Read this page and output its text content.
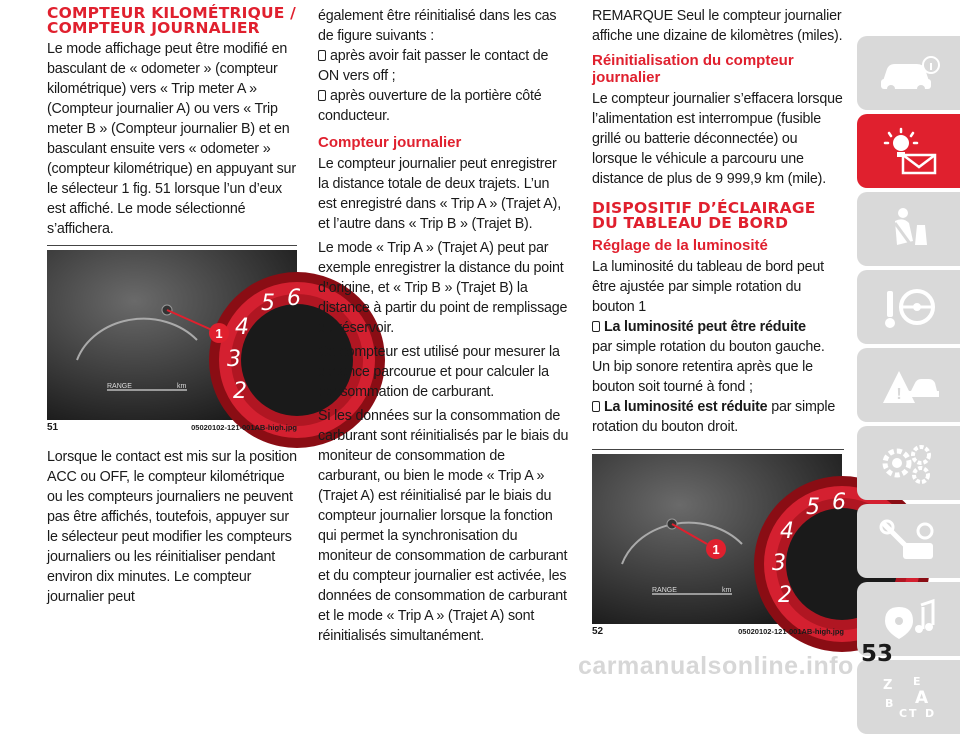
COMPTEUR KILOMÉTRIQUE / COMPTEUR JOURNALIER

Le mode affichage peut être modifié en basculant de « odometer » (compteur kilométrique) vers « Trip meter A » (Compteur journalier A) ou vers « Trip meter B » (Compteur journalier B) et en basculant ensuite vers « odometer » (compteur kilométrique) en appuyant sur le sélecteur 1 fig. 51 lorsque l’un d’eux est affiché. Le mode sélectionné s’affichera.

5 6
4
3
2
RANGE	km
1
51	05020102-121-001AB-high.jpg

Lorsque le contact est mis sur la position ACC ou OFF, le compteur kilométrique ou les compteurs journaliers ne peuvent pas être affichés, toutefois, appuyer sur le sélecteur peut modifier les compteurs journaliers ou les réinitialiser pendant environ dix minutes. Le compteur journalier peut

également être réinitialisé dans les cas de figure suivants :

après avoir fait passer le contact de ON vers off ;

après ouverture de la portière côté conducteur.

Compteur journalier

Le compteur journalier peut enregistrer la distance totale de deux trajets. L’un est enregistré dans « Trip A » (Trajet A), et l’autre dans « Trip B » (Trajet B).

Le mode « Trip A » (Trajet A) peut par exemple enregistrer la distance du point d’origine, et « Trip B » (Trajet B) la distance à partir du point de remplissage du réservoir.

Ce compteur est utilisé pour mesurer la distance parcourue et pour calculer la consommation de carburant.

Si les données sur la consommation de carburant sont réinitialisés par le biais du moniteur de consommation de carburant, ou bien le mode « Trip A » (Trajet A) est réinitialisé par le biais du compteur journalier lorsque la fonction qui permet la synchronisation du moniteur de consommation de carburant et du compteur journalier est activée, les données de consommation de carburant et le mode « Trip A » (Trajet A) sont réinitialisés simultanément.

REMARQUE Seul le compteur journalier affiche une dizaine de kilomètres (miles).

Réinitialisation du compteur journalier

Le compteur journalier s’effacera lorsque l’alimentation est interrompue (fusible grillé ou batterie déconnectée) ou lorsque le véhicule a parcouru une distance de plus de 9 999,9 km (mile).

DISPOSITIF D’ÉCLAIRAGE DU TABLEAU DE BORD
Réglage de la luminosité

La luminosité du tableau de bord peut être ajustée par simple rotation du bouton 1

La luminosité peut être réduite

par simple rotation du bouton gauche. Un bip sonore retentira après que le bouton soit tourné à fond ;

La luminosité est réduite par simple rotation du bouton droit.

5 6
4
3
2
RANGE	km
1
52	05020102-121-001AB-high.jpg
!
Z E
B A
C T D
53
carmanualsonline.info
